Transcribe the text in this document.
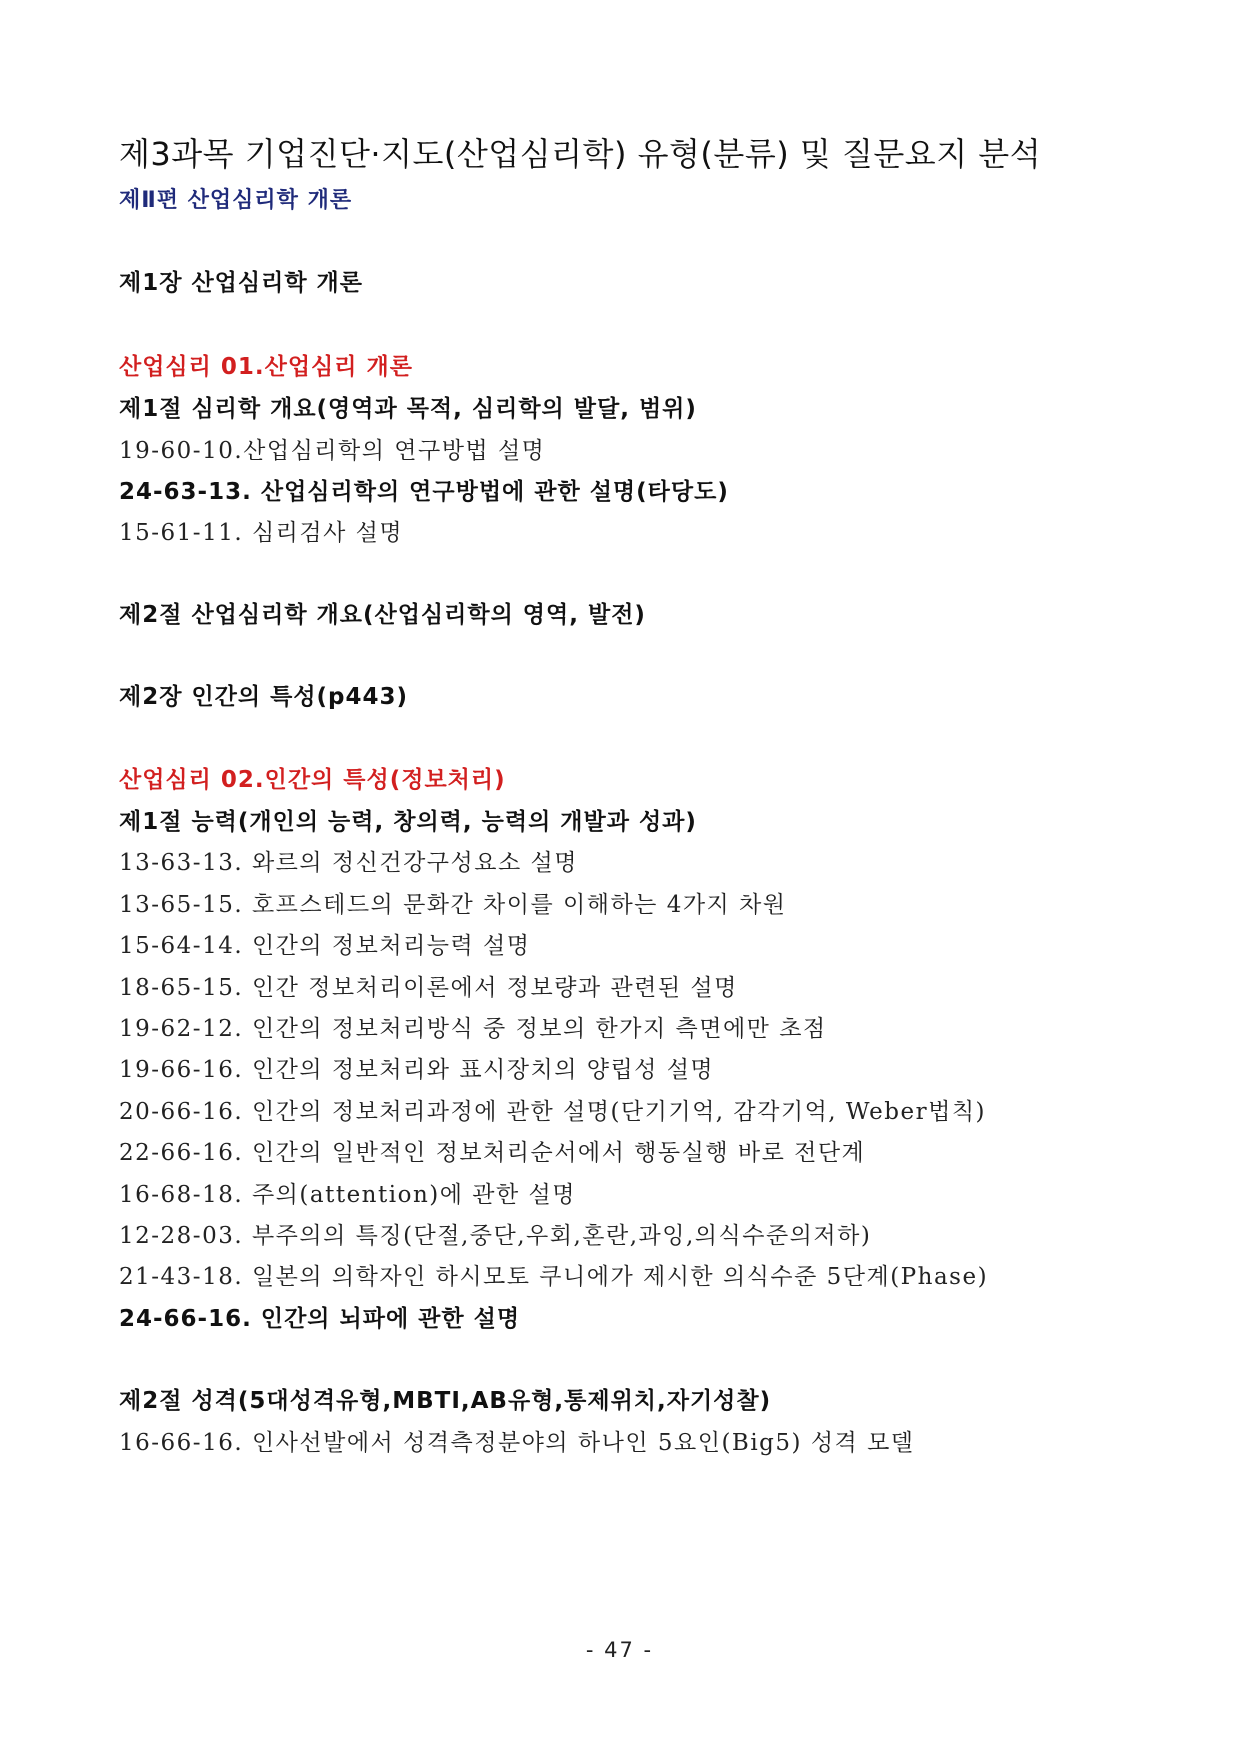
제3과목 기업진단·지도(산업심리학) 유형(분류) 및 질문요지 분석
제Ⅱ편 산업심리학 개론
제1장 산업심리학 개론
산업심리 01.산업심리 개론
제1절 심리학 개요(영역과 목적, 심리학의 발달, 범위)
19-60-10.산업심리학의 연구방법 설명
24-63-13. 산업심리학의 연구방법에 관한 설명(타당도)
15-61-11. 심리검사 설명
제2절 산업심리학 개요(산업심리학의 영역, 발전)
제2장 인간의 특성(p443)
산업심리 02.인간의 특성(정보처리)
제1절 능력(개인의 능력, 창의력, 능력의 개발과 성과)
13-63-13. 와르의 정신건강구성요소 설명
13-65-15. 호프스테드의 문화간 차이를 이해하는 4가지 차원
15-64-14. 인간의 정보처리능력 설명
18-65-15. 인간 정보처리이론에서 정보량과 관련된 설명
19-62-12. 인간의 정보처리방식 중 정보의 한가지 측면에만 초점
19-66-16. 인간의 정보처리와 표시장치의 양립성 설명
20-66-16. 인간의 정보처리과정에 관한 설명(단기기억, 감각기억, Weber법칙)
22-66-16. 인간의 일반적인 정보처리순서에서 행동실행 바로 전단계
16-68-18. 주의(attention)에 관한 설명
12-28-03. 부주의의 특징(단절,중단,우회,혼란,과잉,의식수준의저하)
21-43-18. 일본의 의학자인 하시모토 쿠니에가 제시한 의식수준 5단계(Phase)
24-66-16. 인간의 뇌파에 관한 설명
제2절 성격(5대성격유형,MBTI,AB유형,통제위치,자기성찰)
16-66-16. 인사선발에서 성격측정분야의 하나인 5요인(Big5) 성격 모델
- 47 -
